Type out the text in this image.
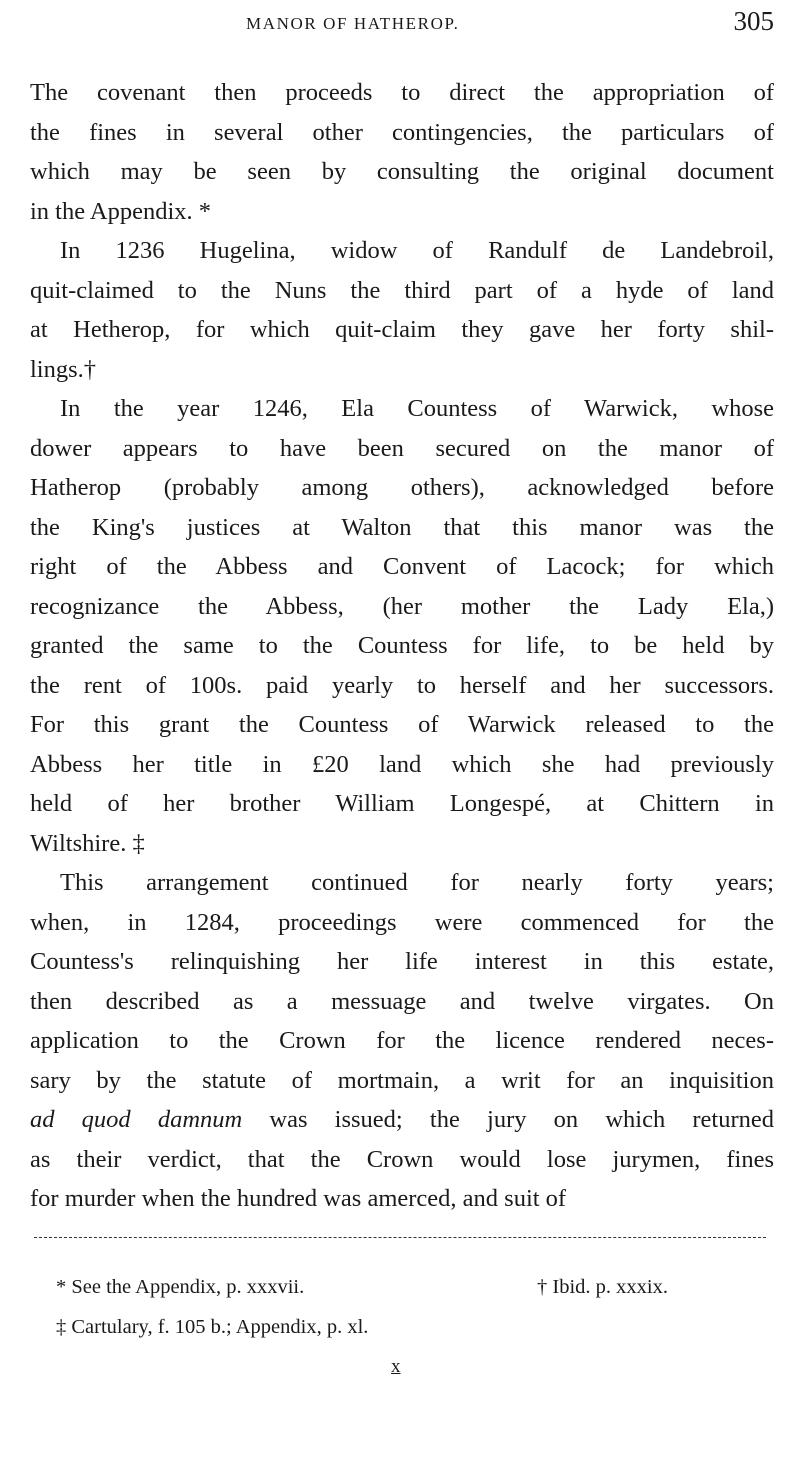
MANOR OF HATHEROP.	305
The covenant then proceeds to direct the appropriation of
the fines in several other contingencies, the particulars of
which may be seen by consulting the original document
in the Appendix. *
In 1236 Hugelina, widow of Randulf de Landebroil,
quit-claimed to the Nuns the third part of a hyde of land
at Hetherop, for which quit-claim they gave her forty shil-
lings.†
In the year 1246, Ela Countess of Warwick, whose
dower appears to have been secured on the manor of
Hatherop (probably among others), acknowledged before
the King's justices at Walton that this manor was the
right of the Abbess and Convent of Lacock; for which
recognizance the Abbess, (her mother the Lady Ela,)
granted the same to the Countess for life, to be held by
the rent of 100s. paid yearly to herself and her successors.
For this grant the Countess of Warwick released to the
Abbess her title in £20 land which she had previously
held of her brother William Longespé, at Chittern in
Wiltshire. ‡
This arrangement continued for nearly forty years;
when, in 1284, proceedings were commenced for the
Countess's relinquishing her life interest in this estate,
then described as a messuage and twelve virgates. On
application to the Crown for the licence rendered neces-
sary by the statute of mortmain, a writ for an inquisition
ad quod damnum was issued; the jury on which returned
as their verdict, that the Crown would lose jurymen, fines
for murder when the hundred was amerced, and suit of
* See the Appendix, p. xxxvii.	† Ibid. p. xxxix.
‡ Cartulary, f. 105 b.; Appendix, p. xl.
x
